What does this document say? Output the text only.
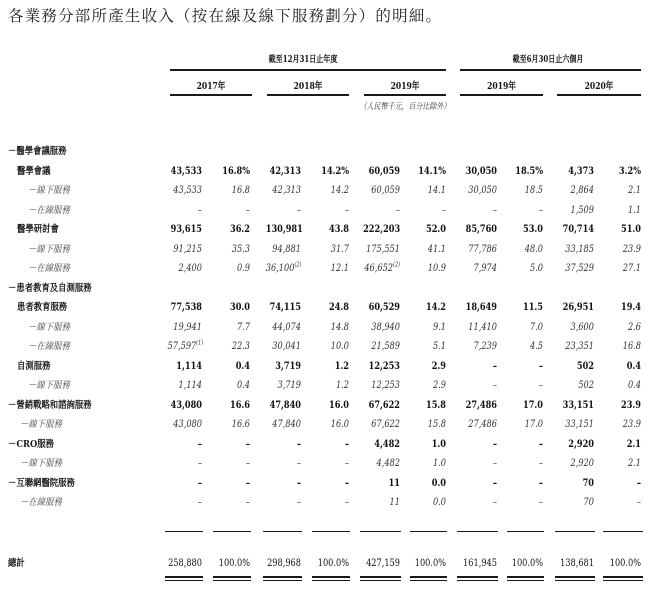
各業務分部所產生收入（按在線及線下服務劃分）的明細。
截至12月31日止年度	截至6月30日止六個月
2017年	2018年	2019年	2019年	2020年
（人民幣千元，百分比除外）
－醫學會議服務
醫學會議	43,533	16.8%	42,313	14.2%	60,059	14.1%	30,050	18.5%	4,373	3.2%
－線下服務	43,533	16.8	42,313	14.2	60,059	14.1	30,050	18.5	2,864	2.1
－在線服務	–	–	–	–	–	–	–	–	1,509	1.1
醫學研討會	93,615	36.2 130,981	43.8 222,203	52.0	85,760	53.0	70,714	51.0
－線下服務	91,215	35.3	94,881	31.7 175,551	41.1	77,786	48.0	33,185	23.9
－在線服務	2,400	0.9 36,100$^{(2)}$	12.1 46,652$^{(2)}$	10.9	7,974	5.0	37,529	27.1
－患者教育及自測服務
患者教育服務	77,538	30.0	74,115	24.8	60,529	14.2	18,649	11.5	26,951	19.4
－線下服務	19,941	7.7	44,074	14.8	38,940	9.1	11,410	7.0	3,600	2.6
－在線服務	57,597$^{(1)}$	22.3	30,041	10.0	21,589	5.1	7,239	4.5	23,351	16.8
自測服務	1,114	0.4	3,719	1.2	12,253	2.9	–	–	502	0.4
－線下服務	1,114	0.4	3,719	1.2	12,253	2.9	–	–	502	0.4
－營銷戰略和諮詢服務	43,080	16.6	47,840	16.0	67,622	15.8	27,486	17.0	33,151	23.9
－線下服務	43,080	16.6	47,840	16.0	67,622	15.8	27,486	17.0	33,151	23.9
－CRO服務	–	–	–	–	4,482	1.0	–	–	2,920	2.1
－線下服務	–	–	–	–	4,482	1.0	–	–	2,920	2.1
－互聯網醫院服務	–	–	–	–	11	0.0	–	–	70	–
－在線服務	–	–	–	–	11	0.0	–	–	70	–
總計	258,880	100.0% 298,968	100.0% 427,159 100.0% 161,945 100.0% 138,681	100.0%
